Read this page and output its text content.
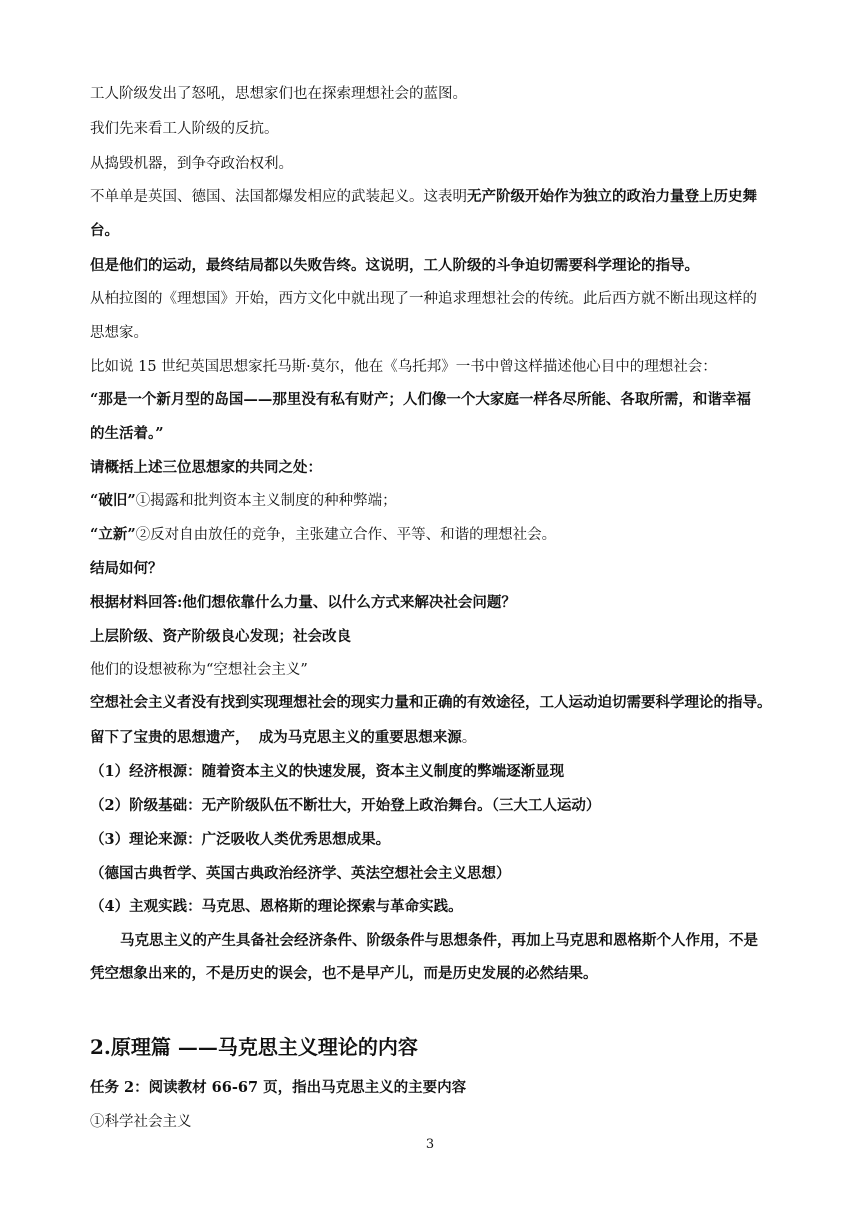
工人阶级发出了怒吼，思想家们也在探索理想社会的蓝图。
我们先来看工人阶级的反抗。
从捣毁机器，到争夺政治权利。
不单单是英国、德国、法国都爆发相应的武装起义。这表明无产阶级开始作为独立的政治力量登上历史舞
台。
但是他们的运动，最终结局都以失败告终。这说明，工人阶级的斗争迫切需要科学理论的指导。
从柏拉图的《理想国》开始，西方文化中就出现了一种追求理想社会的传统。此后西方就不断出现这样的
思想家。
比如说 15 世纪英国思想家托马斯·莫尔，他在《乌托邦》一书中曾这样描述他心目中的理想社会：
“那是一个新月型的岛国——那里没有私有财产；人们像一个大家庭一样各尽所能、各取所需，和谐幸福
的生活着。”
请概括上述三位思想家的共同之处：
“破旧”①揭露和批判资本主义制度的种种弊端；
“立新”②反对自由放任的竞争，主张建立合作、平等、和谐的理想社会。
结局如何？
根据材料回答:他们想依靠什么力量、以什么方式来解决社会问题？
上层阶级、资产阶级良心发现；社会改良
他们的设想被称为“空想社会主义”
空想社会主义者没有找到实现理想社会的现实力量和正确的有效途径，工人运动迫切需要科学理论的指导。
留下了宝贵的思想遗产， 成为马克思主义的重要思想来源。
（1）经济根源：随着资本主义的快速发展，资本主义制度的弊端逐渐显现
（2）阶级基础：无产阶级队伍不断壮大，开始登上政治舞台。（三大工人运动）
（3）理论来源：广泛吸收人类优秀思想成果。
（德国古典哲学、英国古典政治经济学、英法空想社会主义思想）
（4）主观实践：马克思、恩格斯的理论探索与革命实践。
马克思主义的产生具备社会经济条件、阶级条件与思想条件，再加上马克思和恩格斯个人作用，不是
凭空想象出来的，不是历史的误会，也不是早产儿，而是历史发展的必然结果。
2.原理篇 ——马克思主义理论的内容
任务 2：阅读教材 66-67 页，指出马克思主义的主要内容
①科学社会主义
3
